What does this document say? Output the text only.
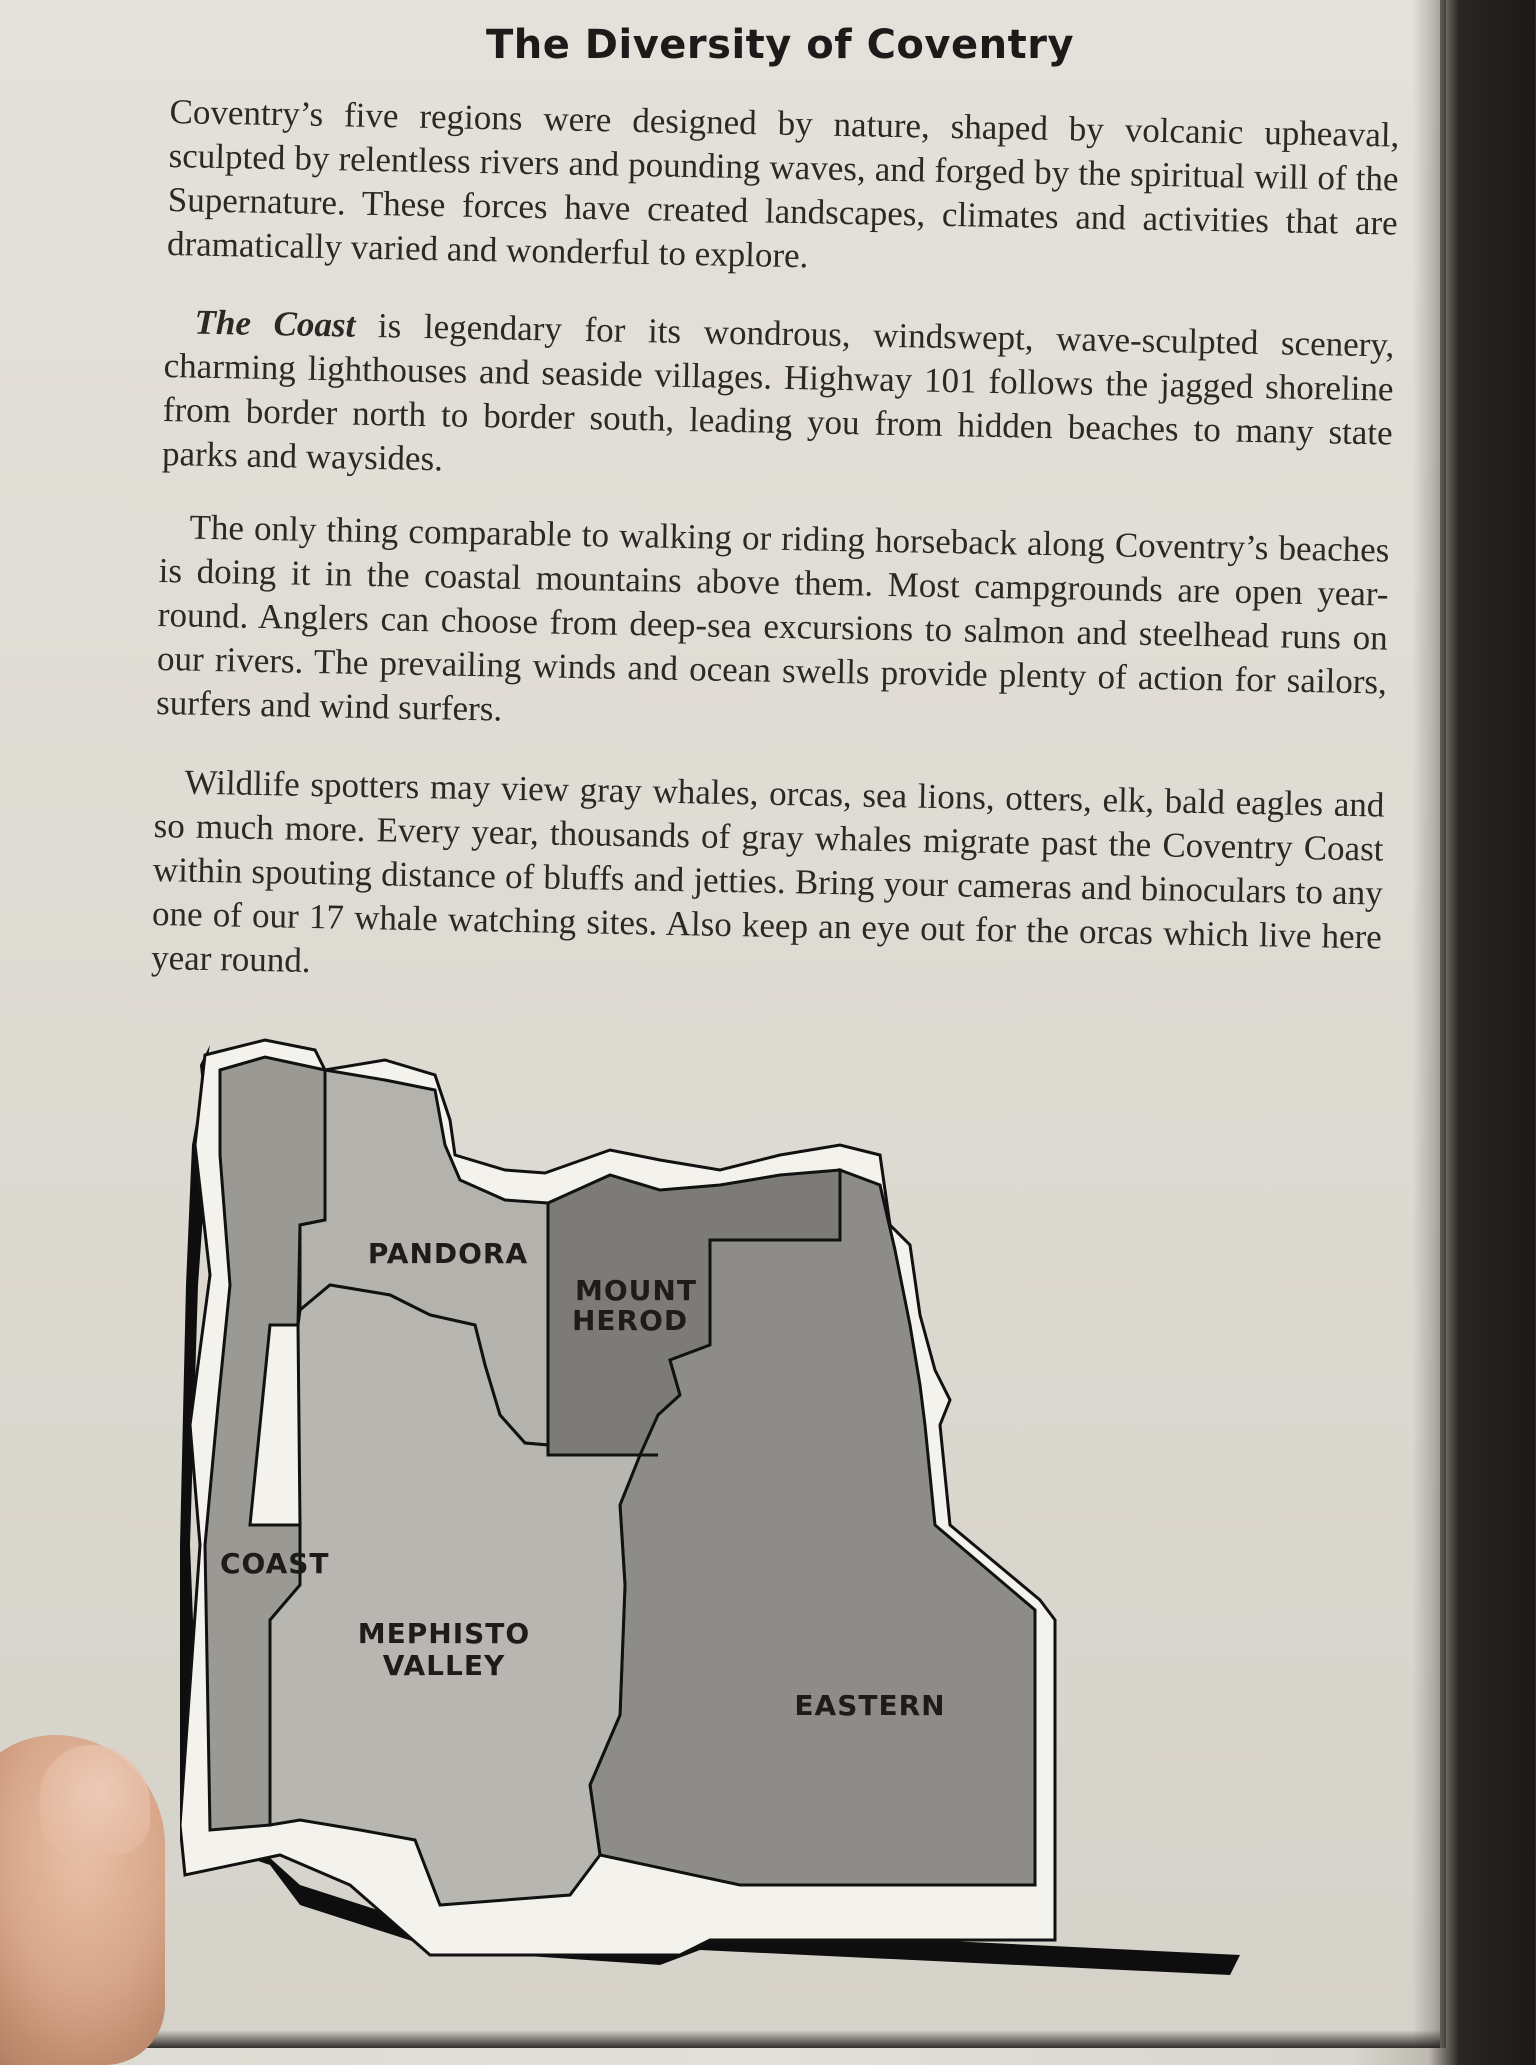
The Diversity of Coventry

Coventry’s five regions were designed by nature, shaped by volcanic upheaval, sculpted by relentless rivers and pounding waves, and forged by the spiritual will of the Supernature. These forces have created landscapes, climates and activities that are dramatically varied and wonderful to explore.

The Coast is legendary for its wondrous, windswept, wave-sculpted scenery, charming lighthouses and seaside villages. Highway 101 follows the jagged shoreline from border north to border south, leading you from hidden beaches to many state parks and waysides.

The only thing comparable to walking or riding horseback along Coventry’s beaches is doing it in the coastal mountains above them. Most campgrounds are open year-round. Anglers can choose from deep-sea excursions to salmon and steelhead runs on our rivers. The prevailing winds and ocean swells provide plenty of action for sailors, surfers and wind surfers.

Wildlife spotters may view gray whales, orcas, sea lions, otters, elk, bald eagles and so much more. Every year, thousands of gray whales migrate past the Coventry Coast within spouting distance of bluffs and jetties. Bring your cameras and binoculars to any one of our 17 whale watching sites. Also keep an eye out for the orcas which live here year round.

PANDORA
MOUNT
HEROD
COAST
MEPHISTO
VALLEY
EASTERN
